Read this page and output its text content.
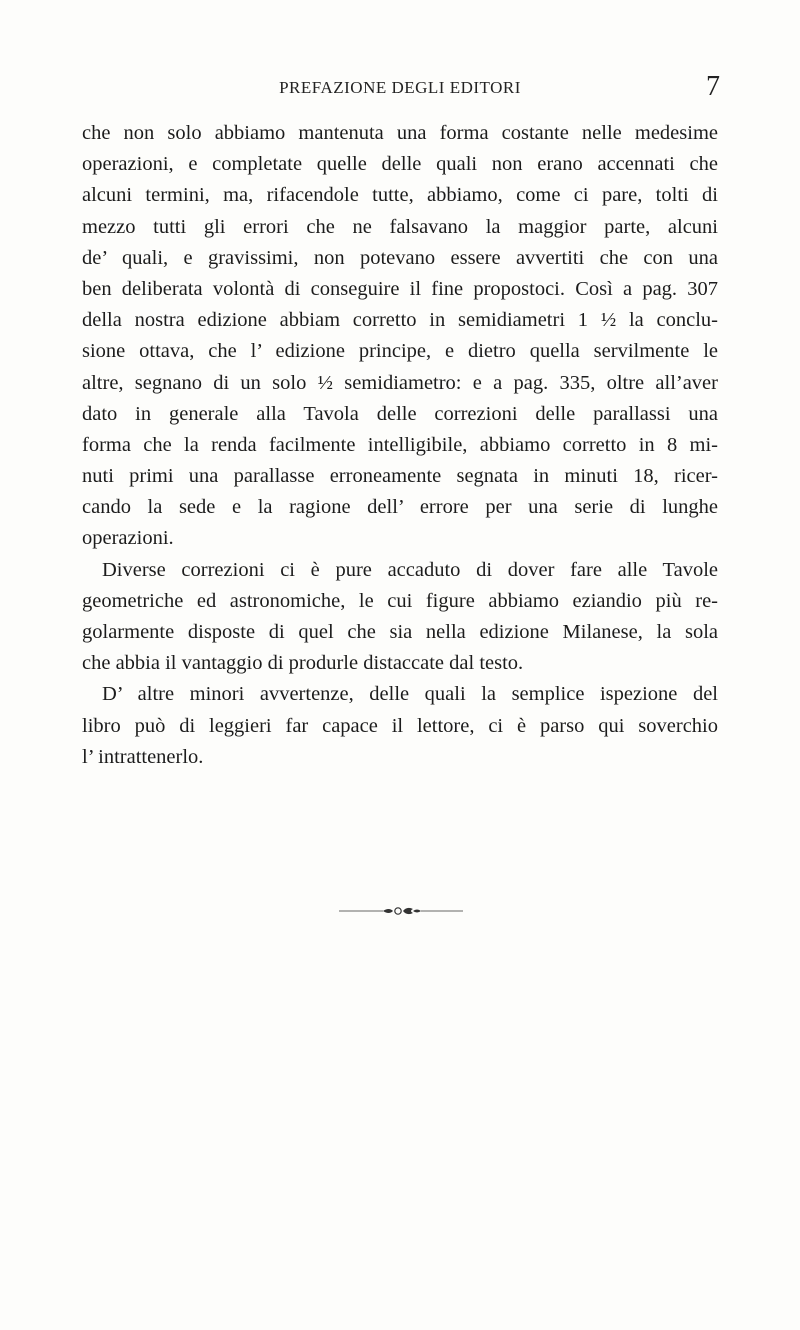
PREFAZIONE DEGLI EDITORI	7
che non solo abbiamo mantenuta una forma costante nelle medesime
operazioni, e completate quelle delle quali non erano accennati che
alcuni termini, ma, rifacendole tutte, abbiamo, come ci pare, tolti di
mezzo tutti gli errori che ne falsavano la maggior parte, alcuni
de’ quali, e gravissimi, non potevano essere avvertiti che con una
ben deliberata volontà di conseguire il fine propostoci. Così a pag. 307
della nostra edizione abbiam corretto in semidiametri 1 ½ la conclu-
sione ottava, che l’ edizione principe, e dietro quella servilmente le
altre, segnano di un solo ½ semidiametro: e a pag. 335, oltre all’aver
dato in generale alla Tavola delle correzioni delle parallassi una
forma che la renda facilmente intelligibile, abbiamo corretto in 8 mi-
nuti primi una parallasse erroneamente segnata in minuti 18, ricer-
cando la sede e la ragione dell’ errore per una serie di lunghe
operazioni.
Diverse correzioni ci è pure accaduto di dover fare alle Tavole
geometriche ed astronomiche, le cui figure abbiamo eziandio più re-
golarmente disposte di quel che sia nella edizione Milanese, la sola
che abbia il vantaggio di produrle distaccate dal testo.
D’ altre minori avvertenze, delle quali la semplice ispezione del
libro può di leggieri far capace il lettore, ci è parso qui soverchio
l’ intrattenerlo.
